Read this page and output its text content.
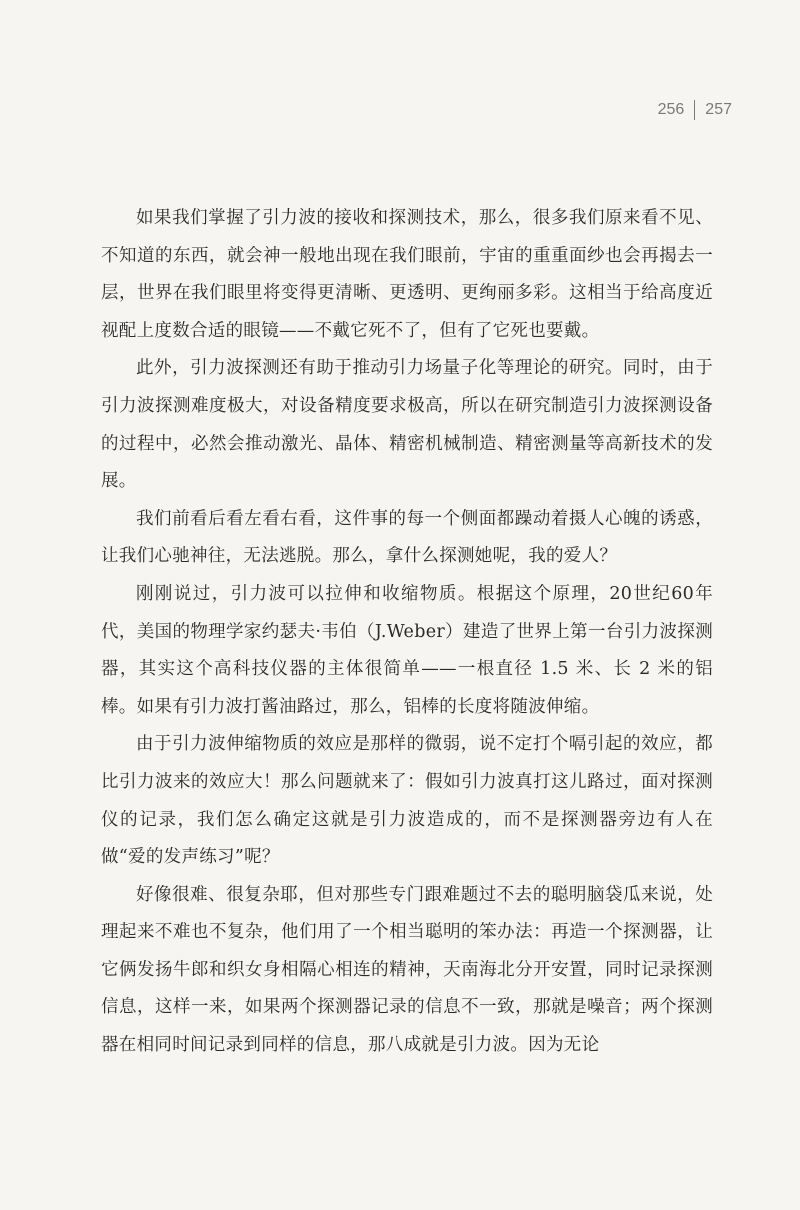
256 257

如果我们掌握了引力波的接收和探测技术，那么，很多我们原来看不见、不知道的东西，就会神一般地出现在我们眼前，宇宙的重重面纱也会再揭去一层，世界在我们眼里将变得更清晰、更透明、更绚丽多彩。这相当于给高度近视配上度数合适的眼镜——不戴它死不了，但有了它死也要戴。

此外，引力波探测还有助于推动引力场量子化等理论的研究。同时，由于引力波探测难度极大，对设备精度要求极高，所以在研究制造引力波探测设备的过程中，必然会推动激光、晶体、精密机械制造、精密测量等高新技术的发展。

我们前看后看左看右看，这件事的每一个侧面都躁动着摄人心魄的诱惑，让我们心驰神往，无法逃脱。那么，拿什么探测她呢，我的爱人？

刚刚说过，引力波可以拉伸和收缩物质。根据这个原理，20世纪60年代，美国的物理学家约瑟夫·韦伯（J.Weber）建造了世界上第一台引力波探测器，其实这个高科技仪器的主体很简单——一根直径 1.5 米、长 2 米的铝棒。如果有引力波打酱油路过，那么，铝棒的长度将随波伸缩。

由于引力波伸缩物质的效应是那样的微弱，说不定打个嗝引起的效应，都比引力波来的效应大！那么问题就来了：假如引力波真打这儿路过，面对探测仪的记录，我们怎么确定这就是引力波造成的，而不是探测器旁边有人在做“爱的发声练习”呢？

好像很难、很复杂耶，但对那些专门跟难题过不去的聪明脑袋瓜来说，处理起来不难也不复杂，他们用了一个相当聪明的笨办法：再造一个探测器，让它俩发扬牛郎和织女身相隔心相连的精神，天南海北分开安置，同时记录探测信息，这样一来，如果两个探测器记录的信息不一致，那就是噪音；两个探测器在相同时间记录到同样的信息，那八成就是引力波。因为无论
